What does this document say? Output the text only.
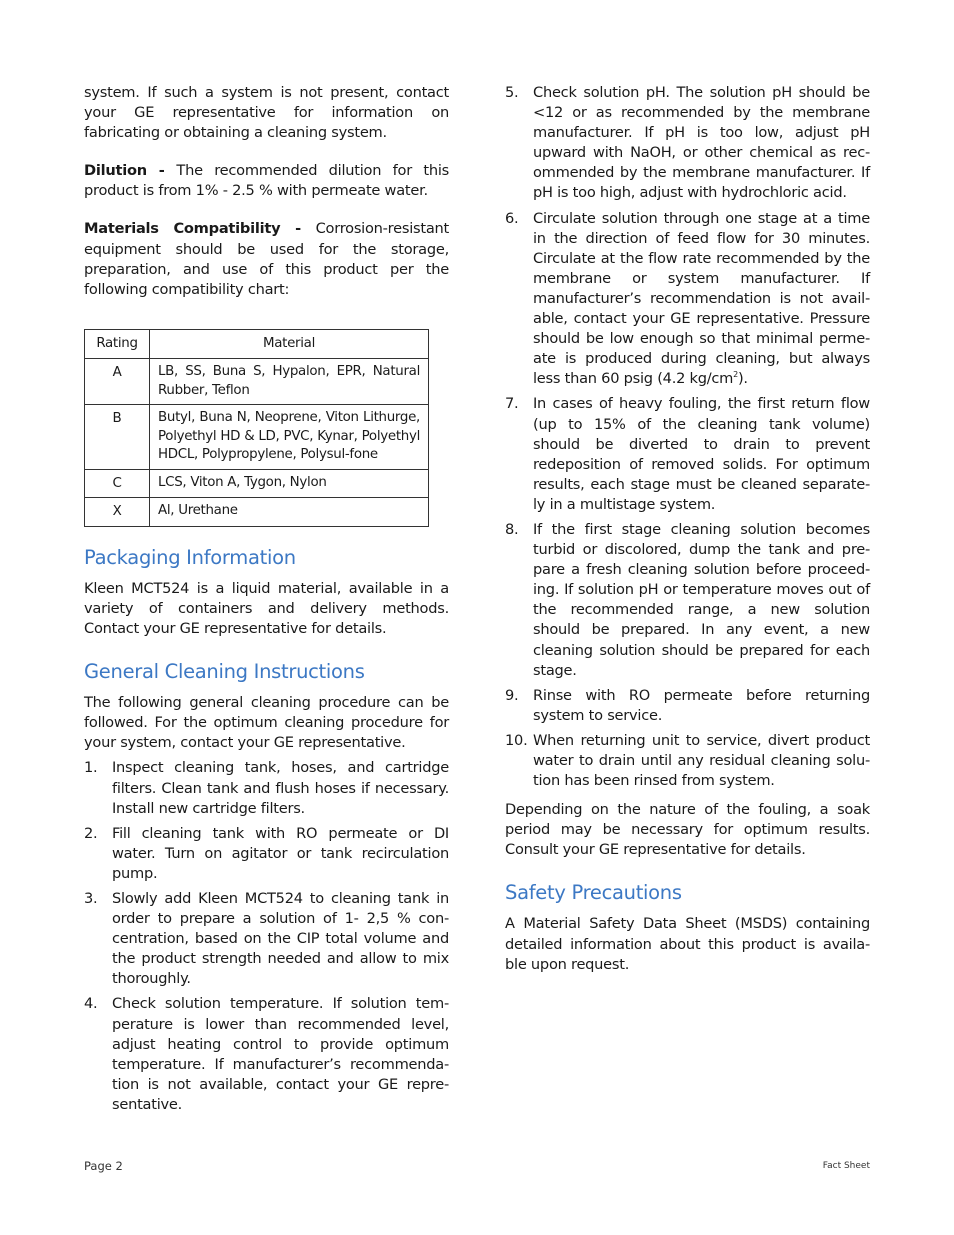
system. If such a system is not present, contact your GE representative for information on fabricating or obtaining a cleaning system.

Dilution - The recommended dilution for this product is from 1% - 2.5 % with permeate water.

Materials Compatibility - Corrosion-resistant equipment should be used for the storage, preparation, and use of this product per the following compatibility chart:

Rating	Material
A	LB, SS, Buna S, Hypalon, EPR, Natural Rubber, Teflon
B	Butyl, Buna N, Neoprene, Viton Lithurge, Polyethyl HD & LD, PVC, Kynar, Polyethyl HDCL, Polypropylene, Polysul-fone
C	LCS, Viton A, Tygon, Nylon
X	Al, Urethane
Packaging Information

Kleen MCT524 is a liquid material, available in a variety of containers and delivery methods. Contact your GE representative for details.

General Cleaning Instructions

The following general cleaning procedure can be followed. For the optimum cleaning procedure for your system, contact your GE representative.

1. Inspect cleaning tank, hoses, and cartridge filters. Clean tank and flush hoses if necessary. Install new cartridge filters.
2. Fill cleaning tank with RO permeate or DI water. Turn on agitator or tank recirculation pump.
3. Slowly add Kleen MCT524 to cleaning tank in order to prepare a solution of 1- 2,5 % con-centration, based on the CIP total volume and the product strength needed and allow to mix thoroughly.
4. Check solution temperature. If solution tem-perature is lower than recommended level, adjust heating control to provide optimum temperature. If manufacturer’s recommenda-tion is not available, contact your GE repre-sentative.
5. Check solution pH. The solution pH should be <12 or as recommended by the membrane manufacturer. If pH is too low, adjust pH upward with NaOH, or other chemical as rec-ommended by the membrane manufacturer. If pH is too high, adjust with hydrochloric acid.
6. Circulate solution through one stage at a time in the direction of feed flow for 30 minutes. Circulate at the flow rate recommended by the membrane or system manufacturer. If manufacturer’s recommendation is not avail-able, contact your GE representative. Pressure should be low enough so that minimal perme-ate is produced during cleaning, but always less than 60 psig (4.2 $kg/cm^2$).
7. In cases of heavy fouling, the first return flow (up to 15% of the cleaning tank volume) should be diverted to drain to prevent redeposition of removed solids. For optimum results, each stage must be cleaned separate-ly in a multistage system.
8. If the first stage cleaning solution becomes turbid or discolored, dump the tank and pre-pare a fresh cleaning solution before proceed-ing. If solution pH or temperature moves out of the recommended range, a new solution should be prepared. In any event, a new cleaning solution should be prepared for each stage.
9. Rinse with RO permeate before returning system to service.
10. When returning unit to service, divert product water to drain until any residual cleaning solu-tion has been rinsed from system.

Depending on the nature of the fouling, a soak period may be necessary for optimum results. Consult your GE representative for details.

Safety Precautions

A Material Safety Data Sheet (MSDS) containing detailed information about this product is availa-ble upon request.

Page 2	Fact Sheet
